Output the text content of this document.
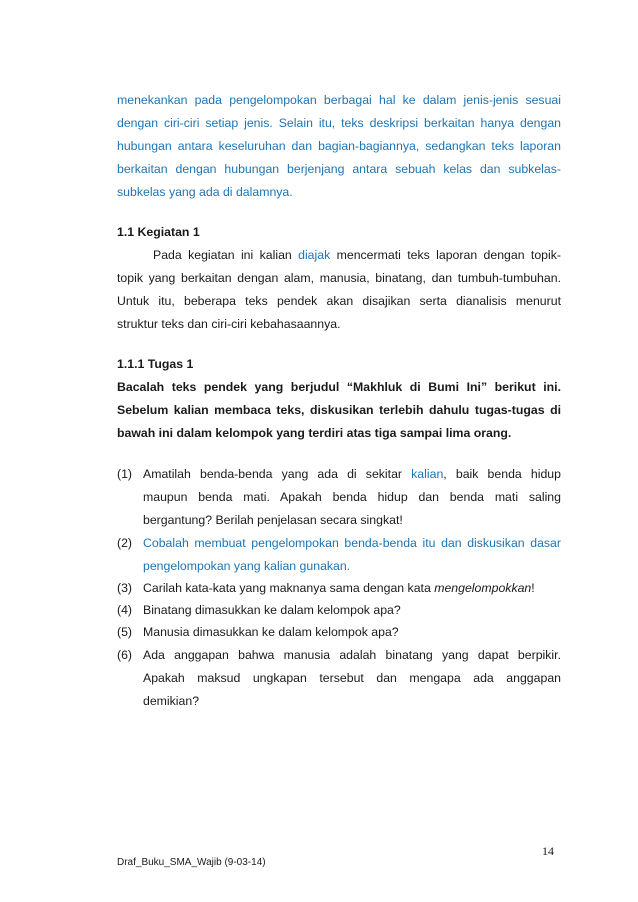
menekankan pada pengelompokan berbagai hal ke dalam jenis-jenis sesuai
dengan ciri-ciri setiap jenis. Selain itu, teks deskripsi berkaitan hanya dengan
hubungan antara keseluruhan dan bagian-bagiannya, sedangkan teks laporan
berkaitan dengan hubungan berjenjang antara sebuah kelas dan subkelas-
subkelas yang ada di dalamnya.
1.1 Kegiatan 1
Pada kegiatan ini kalian diajak mencermati teks laporan dengan topik-
topik yang berkaitan dengan alam, manusia, binatang, dan tumbuh-tumbuhan.
Untuk itu, beberapa teks pendek akan disajikan serta dianalisis menurut
struktur teks dan ciri-ciri kebahasaannya.
1.1.1 Tugas 1
Bacalah teks pendek yang berjudul “Makhluk di Bumi Ini” berikut ini.
Sebelum kalian membaca teks, diskusikan terlebih dahulu tugas-tugas di
bawah ini dalam kelompok yang terdiri atas tiga sampai lima orang.
(1) Amatilah benda-benda yang ada di sekitar kalian, baik benda hidup
maupun benda mati. Apakah benda hidup dan benda mati saling
bergantung? Berilah penjelasan secara singkat!
(2) Cobalah membuat pengelompokan benda-benda itu dan diskusikan dasar
pengelompokan yang kalian gunakan.
(3) Carilah kata-kata yang maknanya sama dengan kata mengelompokkan!
(4) Binatang dimasukkan ke dalam kelompok apa?
(5) Manusia dimasukkan ke dalam kelompok apa?
(6) Ada anggapan bahwa manusia adalah binatang yang dapat berpikir.
Apakah maksud ungkapan tersebut dan mengapa ada anggapan
demikian?
Draf_Buku_SMA_Wajib (9-03-14)
14
